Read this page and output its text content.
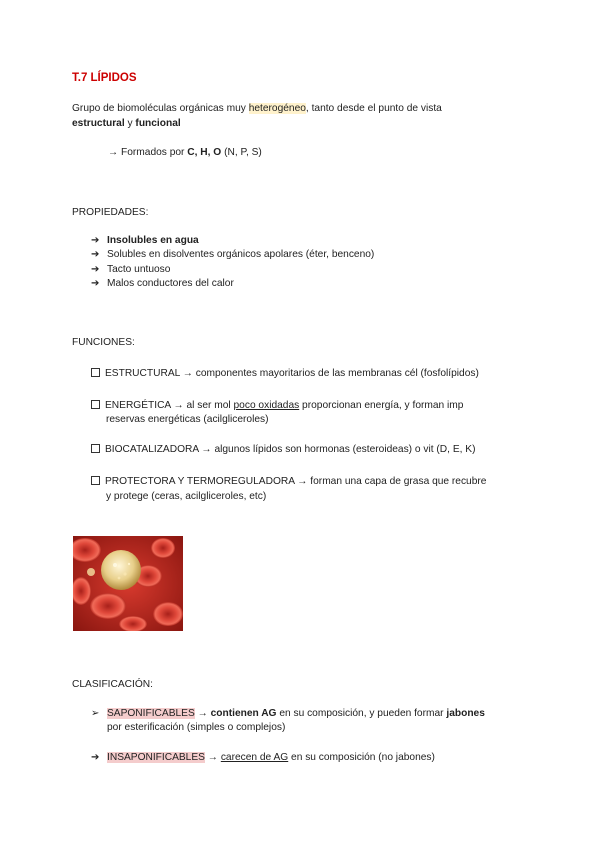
T.7 LÍPIDOS
Grupo de biomoléculas orgánicas muy heterogéneo, tanto desde el punto de vista
estructural y funcional
→ Formados por C, H, O (N, P, S)
PROPIEDADES:
➔ Insolubles en agua
➔ Solubles en disolventes orgánicos apolares (éter, benceno)
➔ Tacto untuoso
➔ Malos conductores del calor
FUNCIONES:
ESTRUCTURAL → componentes mayoritarios de las membranas cél (fosfolípidos)
ENERGÉTICA → al ser mol poco oxidadas proporcionan energía, y forman imp
reservas energéticas (acilgliceroles)
BIOCATALIZADORA → algunos lípidos son hormonas (esteroideas) o vit (D, E, K)
PROTECTORA Y TERMOREGULADORA → forman una capa de grasa que recubre
y protege (ceras, acilgliceroles, etc)
CLASIFICACIÓN:
➢ SAPONIFICABLES → contienen AG en su composición, y pueden formar jabones
por esterificación (simples o complejos)
➔ INSAPONIFICABLES → carecen de AG en su composición (no jabones)
